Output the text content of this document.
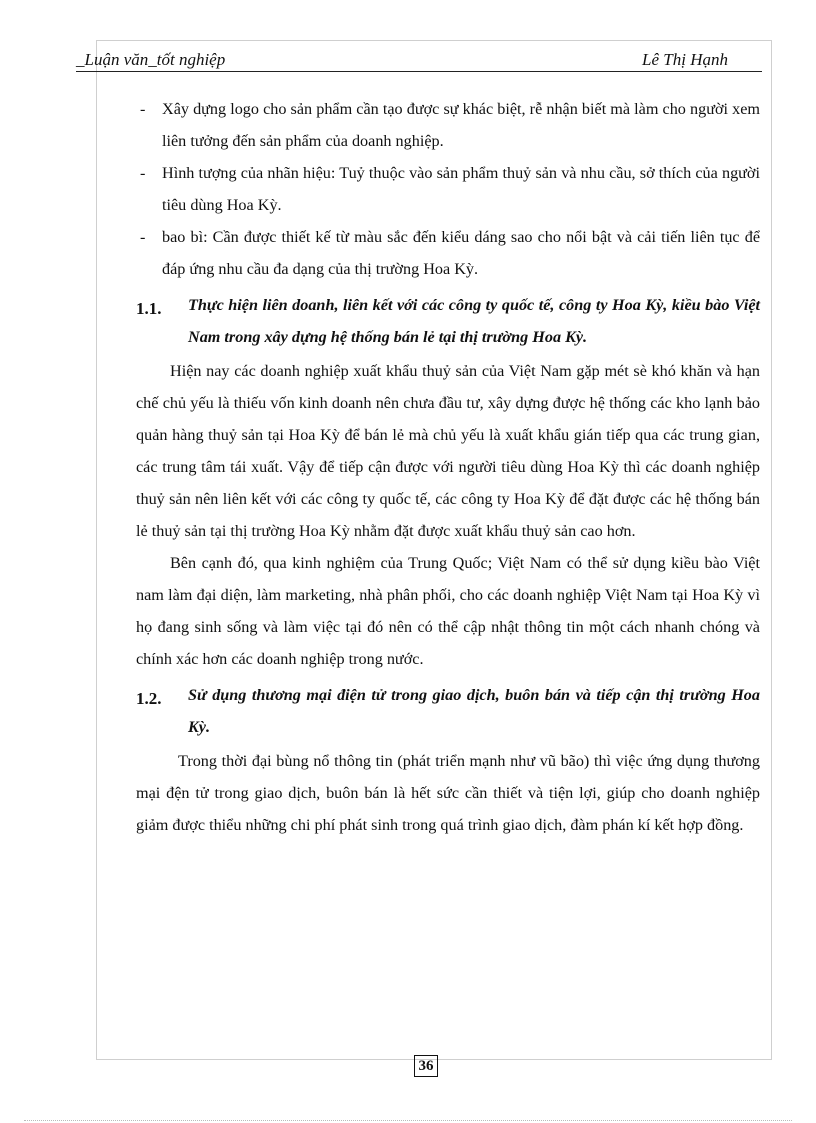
_Luận văn_tốt nghiệp	Lê Thị Hạnh
- Xây dựng logo cho sản phẩm cần tạo được sự khác biệt, rễ nhận biết mà làm cho người xem liên tưởng đến sản phẩm của doanh nghiệp.
- Hình tượng của nhãn hiệu: Tuỷ thuộc vào sản phẩm thuỷ sản và nhu cầu, sở thích của người tiêu dùng Hoa Kỳ.
- bao bì: Cần được thiết kế từ màu sắc đến kiểu dáng sao cho nổi bật và cải tiến liên tục để đáp ứng nhu cầu đa dạng của thị trường Hoa Kỳ.
1.1. Thực hiện liên doanh, liên kết với các công ty quốc tế, công ty Hoa Kỳ, kiều bào Việt Nam trong xây dựng hệ thống bán lẻ tại thị trường Hoa Kỳ.

Hiện nay các doanh nghiệp xuất khẩu thuỷ sản của Việt Nam gặp mét sè khó khăn và hạn chế chủ yếu là thiếu vốn kinh doanh nên chưa đầu tư, xây dựng được hệ thống các kho lạnh bảo quản hàng thuỷ sản tại Hoa Kỳ để bán lẻ mà chủ yếu là xuất khẩu gián tiếp qua các trung gian, các trung tâm tái xuất. Vậy để tiếp cận được với người tiêu dùng Hoa Kỳ thì các doanh nghiệp thuỷ sản nên liên kết với các công ty quốc tế, các công ty Hoa Kỳ để đặt được các hệ thống bán lẻ thuỷ sản tại thị trường Hoa Kỳ nhằm đặt được xuất khẩu thuỷ sản cao hơn.

Bên cạnh đó, qua kinh nghiệm của Trung Quốc; Việt Nam có thể sử dụng kiều bào Việt nam làm đại diện, làm marketing, nhà phân phối, cho các doanh nghiệp Việt Nam tại Hoa Kỳ vì họ đang sinh sống và làm việc tại đó nên có thể cập nhật thông tin một cách nhanh chóng và chính xác hơn các doanh nghiệp trong nước.

1.2. Sử dụng thương mại điện tử trong giao dịch, buôn bán và tiếp cận thị trường Hoa Kỳ.

Trong thời đại bùng nổ thông tin (phát triển mạnh như vũ bão) thì việc ứng dụng thương mại đện tử trong giao dịch, buôn bán là hết sức cần thiết và tiện lợi, giúp cho doanh nghiệp giảm được thiểu những chi phí phát sinh trong quá trình giao dịch, đàm phán kí kết hợp đồng.

36
